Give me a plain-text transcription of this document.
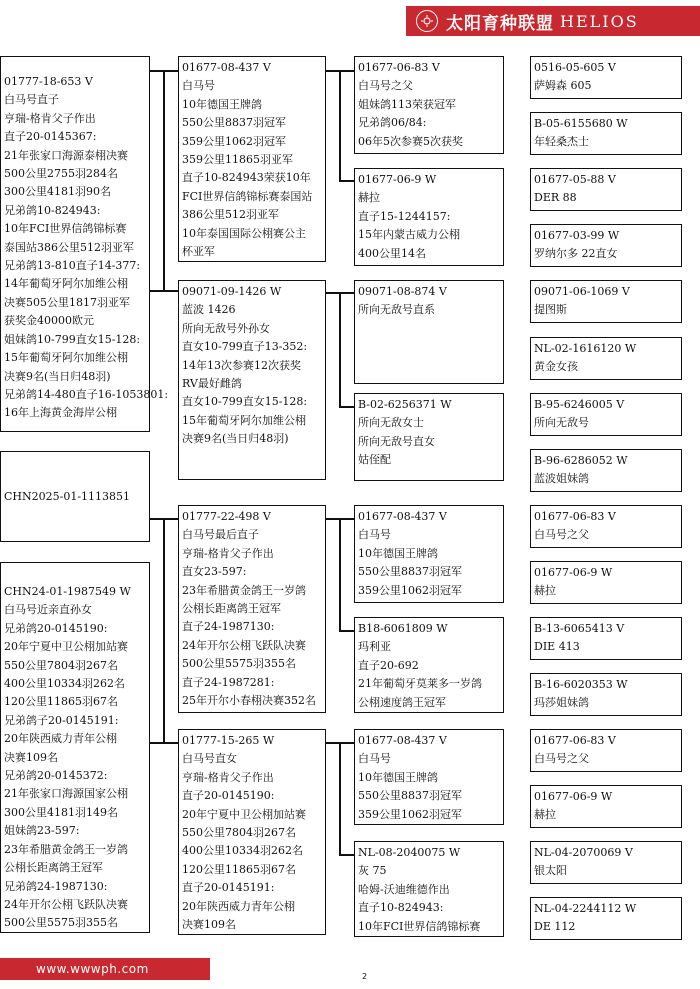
太阳育种联盟 HELIOS
CHN2025-01-1113851
01777-18-653 V
白马号直子
亨瑞-格肯父子作出
直子20-0145367:
21年张家口海源泰栩决赛
500公里2755羽284名
300公里4181羽90名
兄弟鸽10-824943:
10年FCI世界信鸽锦标赛
泰国站386公里512羽亚军
兄弟鸽13-810直子14-377:
14年葡萄牙阿尔加维公栩
决赛505公里1817羽亚军
获奖金40000欧元
姐妹鸽10-799直女15-128:
15年葡萄牙阿尔加维公栩
决赛9名(当日归48羽)
兄弟鸽14-480直子16-1053801:
16年上海黄金海岸公栩
CHN24-01-1987549 W
白马号近亲直孙女
兄弟鸽20-0145190:
20年宁夏中卫公栩加站赛
550公里7804羽267名
400公里10334羽262名
120公里11865羽67名
兄弟鸽子20-0145191:
20年陕西威力青年公栩
决赛109名
兄弟鸽20-0145372:
21年张家口海源国家公栩
300公里4181羽149名
姐妹鸽23-597:
23年希腊黄金鸽王一岁鸽
公栩长距离鸽王冠军
兄弟鸽24-1987130:
24年开尔公栩飞跃队决赛
500公里5575羽355名
01677-08-437 V
白马号
10年德国王牌鸽
550公里8837羽冠军
359公里1062羽冠军
359公里11865羽亚军
直子10-824943荣获10年
FCI世界信鸽锦标赛泰国站
386公里512羽亚军
10年泰国国际公栩赛公主
杯亚军
09071-09-1426 W
蓝波 1426
所向无敌号外孙女
直女10-799直子13-352:
14年13次参赛12次获奖
RV最好雌鸽
直女10-799直女15-128:
15年葡萄牙阿尔加维公栩
决赛9名(当日归48羽)
01777-22-498 V
白马号最后直子
亨瑞-格肯父子作出
直女23-597:
23年希腊黄金鸽王一岁鸽
公栩长距离鸽王冠军
直子24-1987130:
24年开尔公栩飞跃队决赛
500公里5575羽355名
直子24-1987281:
25年开尔小春栩决赛352名
01777-15-265 W
白马号直女
亨瑞-格肯父子作出
直子20-0145190:
20年宁夏中卫公栩加站赛
550公里7804羽267名
400公里10334羽262名
120公里11865羽67名
直子20-0145191:
20年陕西威力青年公栩
决赛109名
01677-06-83 V
白马号之父
姐妹鸽113荣获冠军
兄弟鸽06/84:
06年5次参赛5次获奖
01677-06-9 W
赫拉
直子15-1244157:
15年内蒙古威力公栩
400公里14名
09071-08-874 V
所向无敌号直系
B-02-6256371 W
所向无敌女士
所向无敌号直女
姑侄配
01677-08-437 V
白马号
10年德国王牌鸽
550公里8837羽冠军
359公里1062羽冠军
B18-6061809 W
玛利亚
直子20-692
21年葡萄牙莫莱多一岁鸽
公栩速度鸽王冠军
01677-08-437 V
白马号
10年德国王牌鸽
550公里8837羽冠军
359公里1062羽冠军
NL-08-2040075 W
灰 75
哈姆-沃迪维德作出
直子10-824943:
10年FCI世界信鸽锦标赛
0516-05-605 V
萨姆森 605
B-05-6155680 W
年轻桑杰士
01677-05-88 V
DER 88
01677-03-99 W
罗纳尔多 22直女
09071-06-1069 V
提图斯
NL-02-1616120 W
黄金女孩
B-95-6246005 V
所向无敌号
B-96-6286052 W
蓝波姐妹鸽
01677-06-83 V
白马号之父
01677-06-9 W
赫拉
B-13-6065413 V
DIE 413
B-16-6020353 W
玛莎姐妹鸽
01677-06-83 V
白马号之父
01677-06-9 W
赫拉
NL-04-2070069 V
银太阳
NL-04-2244112 W
DE 112
www.wwwph.com
2
